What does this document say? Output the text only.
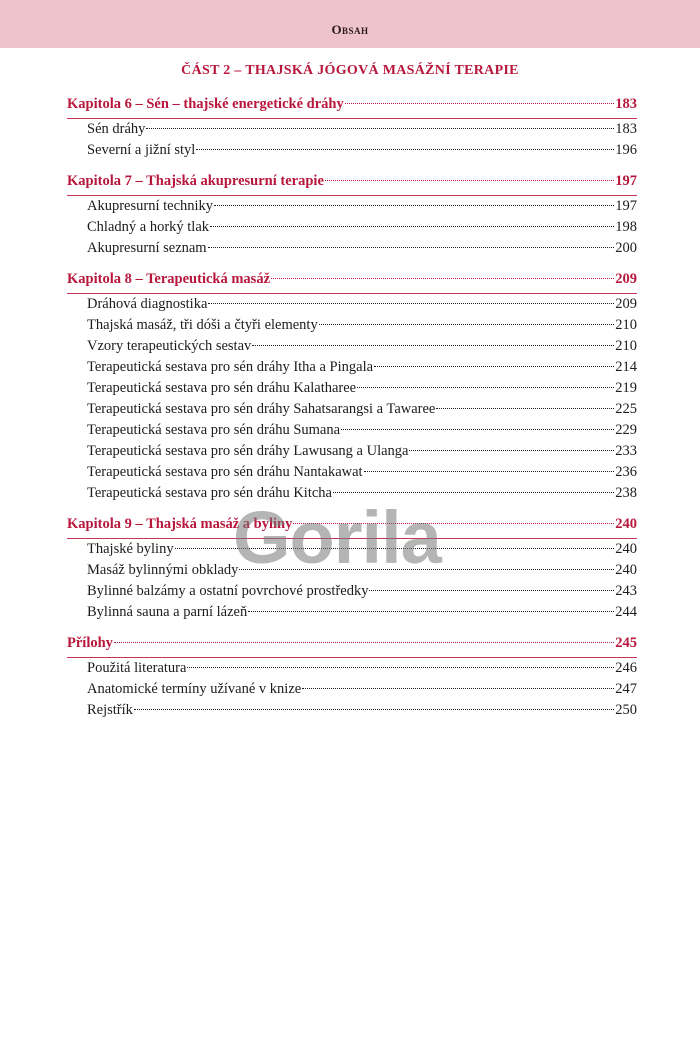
Obsah
ČÁST 2 – THAJSKÁ JÓGOVÁ MASÁŽNÍ TERAPIE
Kapitola 6 – Sén – thajské energetické dráhy	183
Sén dráhy	183
Severní a jižní styl	196
Kapitola 7 – Thajská akupresurní terapie	197
Akupresurní techniky	197
Chladný a horký tlak	198
Akupresurní seznam	200
Kapitola 8 – Terapeutická masáž	209
Dráhová diagnostika	209
Thajská masáž, tři dóši a čtyři elementy	210
Vzory terapeutických sestav	210
Terapeutická sestava pro sén dráhy Itha a Pingala	214
Terapeutická sestava pro sén dráhu Kalatharee	219
Terapeutická sestava pro sén dráhy Sahatsarangsi a Tawaree	225
Terapeutická sestava pro sén dráhu Sumana	229
Terapeutická sestava pro sén dráhy Lawusang a Ulanga	233
Terapeutická sestava pro sén dráhu Nantakawat	236
Terapeutická sestava pro sén dráhu Kitcha	238
Kapitola 9 – Thajská masáž a byliny	240
Thajské byliny	240
Masáž bylinnými obklady	240
Bylinné balzámy a ostatní povrchové prostředky	243
Bylinná sauna a parní lázeň	244
Přílohy	245
Použitá literatura	246
Anatomické termíny užívané v knize	247
Rejstřík	250
Gorila
